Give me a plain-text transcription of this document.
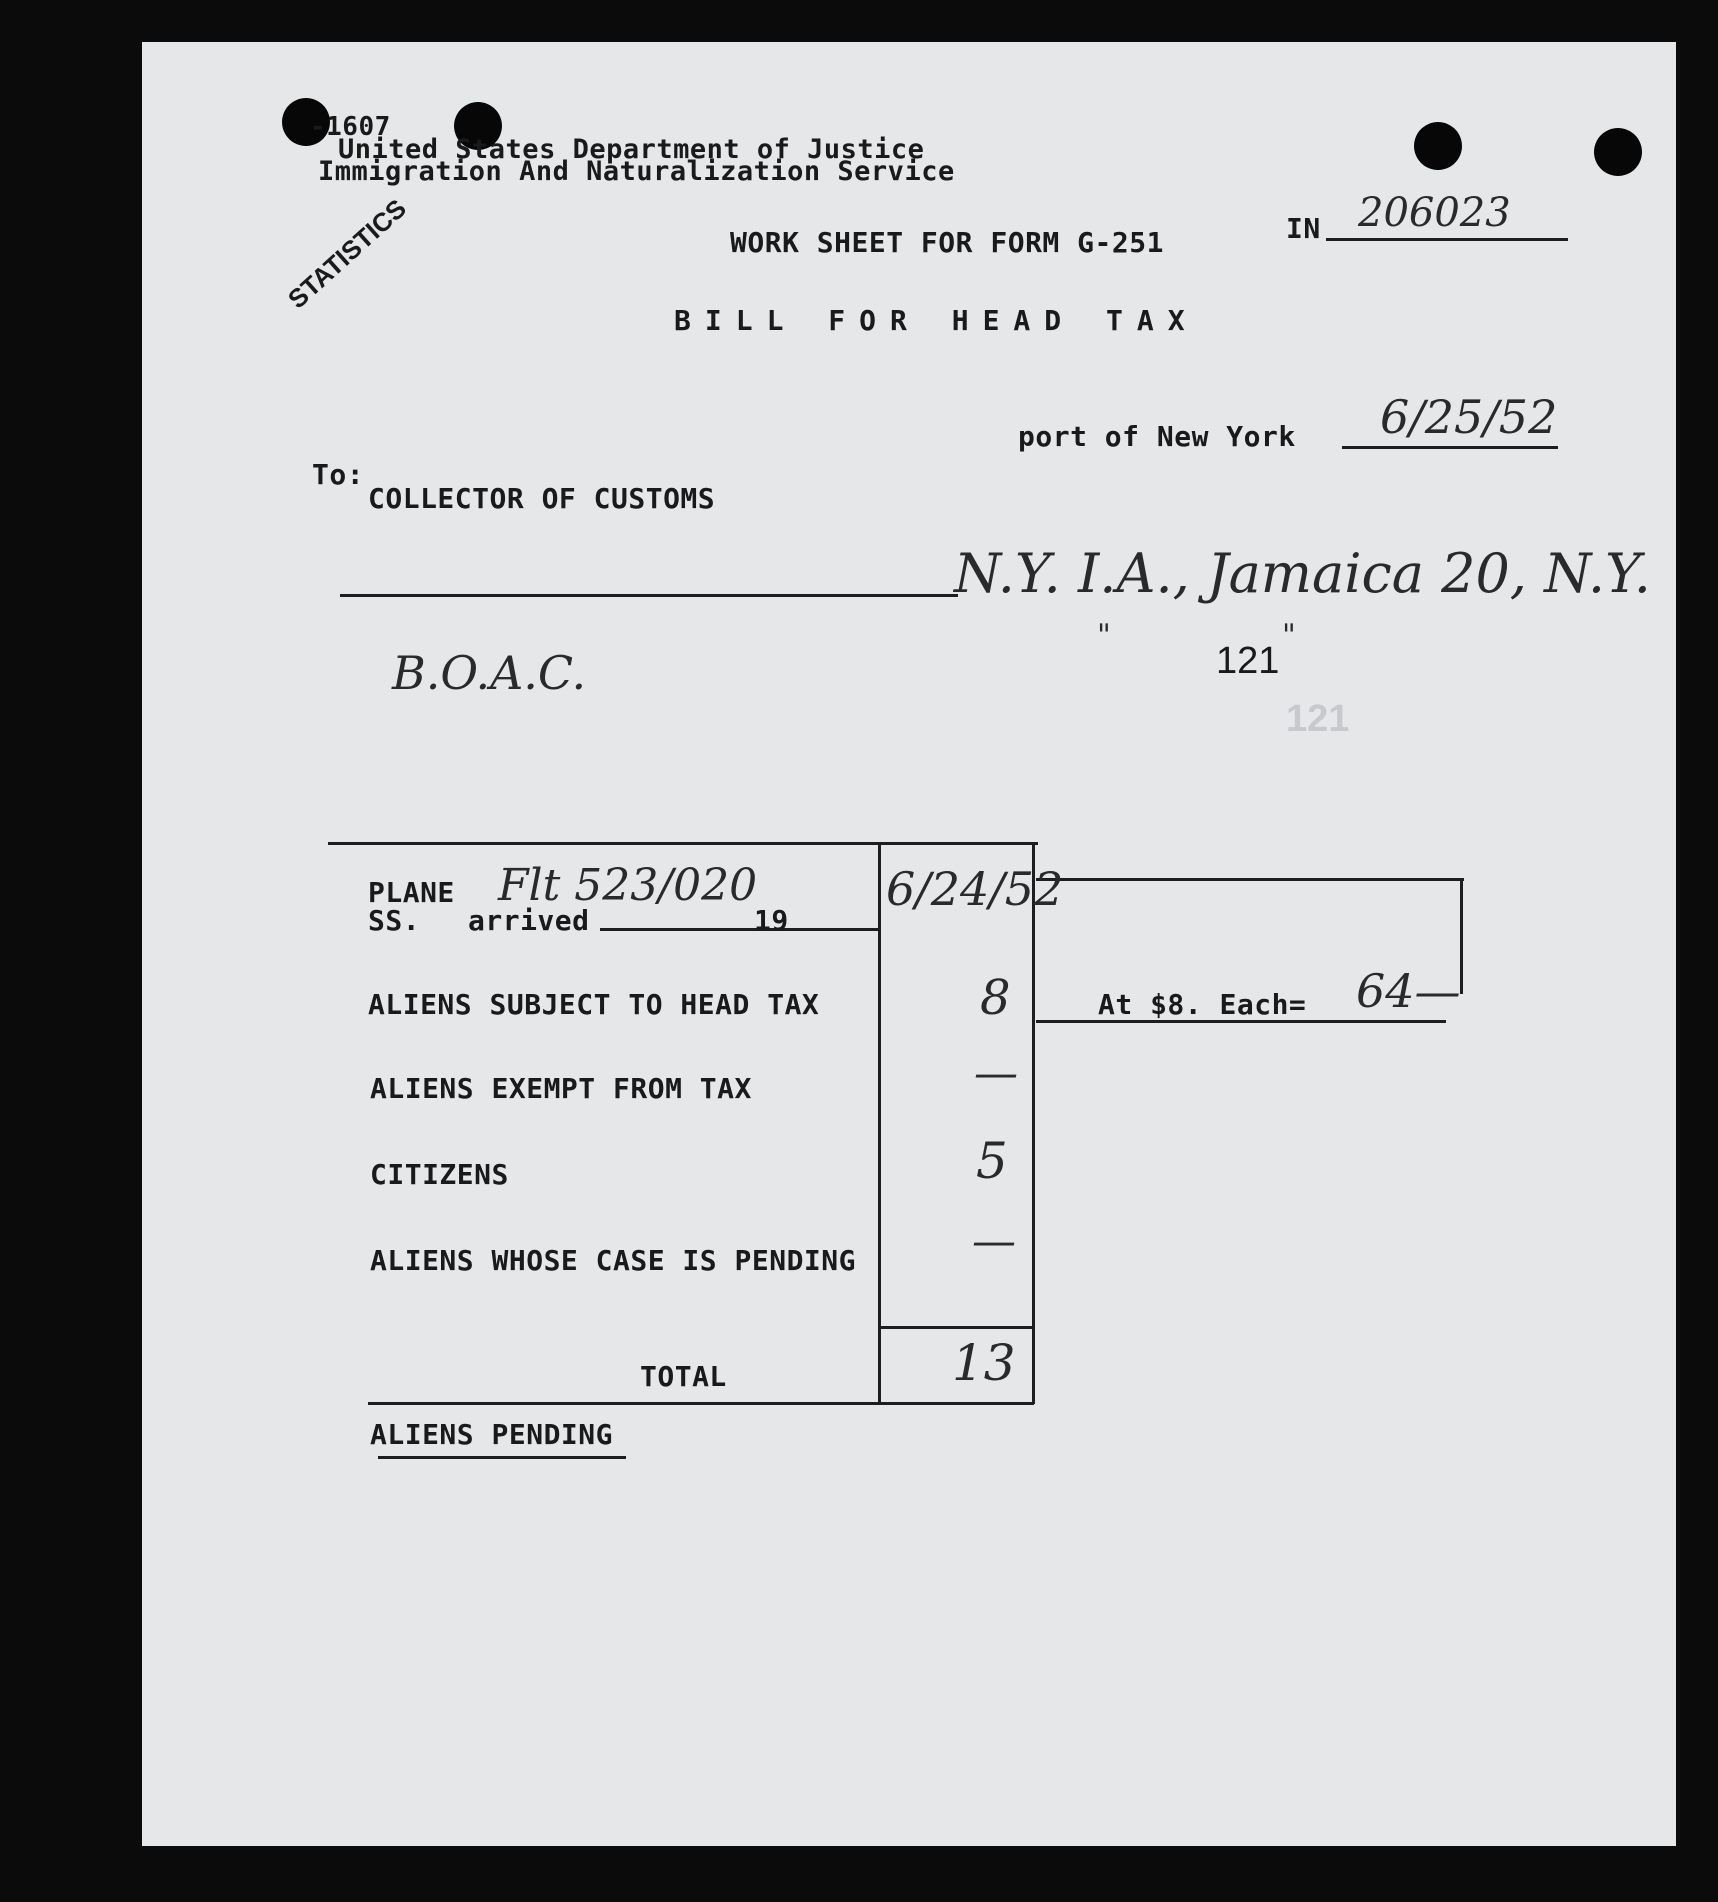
-1607
United States Department of Justice
Immigration And Naturalization Service
STATISTICS	WORK SHEET FOR FORM G-251	IN 206023
BILL FOR HEAD TAX
port of New York 6/25/52
To:
COLLECTOR OF CUSTOMS
N.Y. I.A., Jamaica 20, N.Y.
"
121
"
121
B.O.A.C.
PLANE Flt 523/020
SS. arrived	19
6/24/52
ALIENS SUBJECT TO HEAD TAX	8	At $8. Each= 64—
ALIENS EXEMPT FROM TAX	—
CITIZENS	5
ALIENS WHOSE CASE IS PENDING	—
TOTAL	13
ALIENS PENDING
